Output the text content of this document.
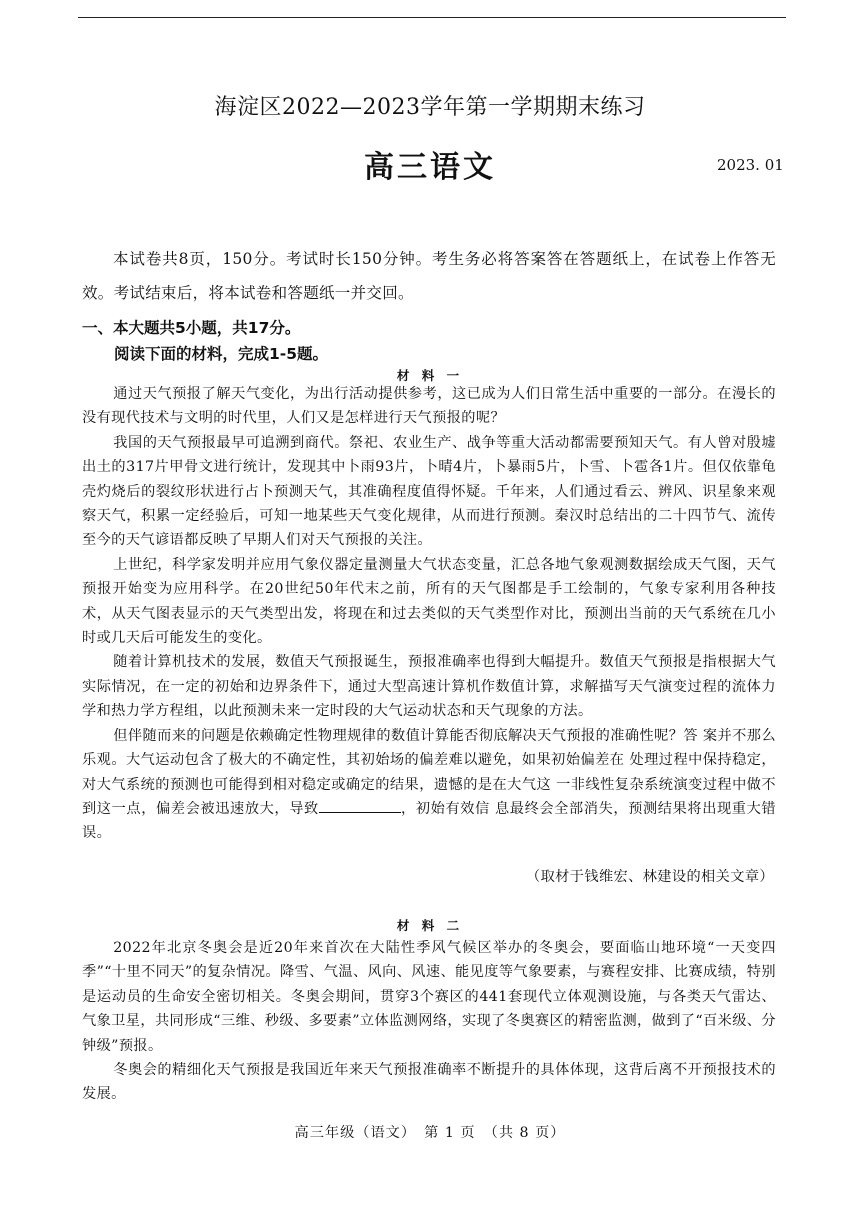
海淀区2022—2023学年第一学期期末练习
高三语文	2023. 01

本试卷共8页，150分。考试时长150分钟。考生务必将答案答在答题纸上，在试卷上作答无效。考试结束后，将本试卷和答题纸一并交回。

一、本大题共5小题，共17分。
阅读下面的材料，完成1-5题。
材 料 一

通过天气预报了解天气变化，为出行活动提供参考，这已成为人们日常生活中重要的一部分。在漫长的没有现代技术与文明的时代里，人们又是怎样进行天气预报的呢？

我国的天气预报最早可追溯到商代。祭祀、农业生产、战争等重大活动都需要预知天气。有人曾对殷墟出土的317片甲骨文进行统计，发现其中卜雨93片，卜晴4片，卜暴雨5片，卜雪、卜雹各1片。但仅依靠龟壳灼烧后的裂纹形状进行占卜预测天气，其准确程度值得怀疑。千年来，人们通过看云、辨风、识星象来观察天气，积累一定经验后，可知一地某些天气变化规律，从而进行预测。秦汉时总结出的二十四节气、流传至今的天气谚语都反映了早期人们对天气预报的关注。

上世纪，科学家发明并应用气象仪器定量测量大气状态变量，汇总各地气象观测数据绘成天气图，天气预报开始变为应用科学。在20世纪50年代末之前，所有的天气图都是手工绘制的，气象专家利用各种技术，从天气图表显示的天气类型出发，将现在和过去类似的天气类型作对比，预测出当前的天气系统在几小时或几天后可能发生的变化。

随着计算机技术的发展，数值天气预报诞生，预报准确率也得到大幅提升。数值天气预报是指根据大气实际情况，在一定的初始和边界条件下，通过大型高速计算机作数值计算，求解描写天气演变过程的流体力学和热力学方程组，以此预测未来一定时段的大气运动状态和天气现象的方法。

但伴随而来的问题是依赖确定性物理规律的数值计算能否彻底解决天气预报的准确性呢？答 案并不那么乐观。大气运动包含了极大的不确定性，其初始场的偏差难以避免，如果初始偏差在 处理过程中保持稳定，对大气系统的预测也可能得到相对稳定或确定的结果，遗憾的是在大气这 一非线性复杂系统演变过程中做不到这一点，偏差会被迅速放大，导致	，初始有效信 息最终会全部消失，预测结果将出现重大错误。

（取材于钱维宏、林建设的相关文章）
材 料 二

2022年北京冬奥会是近20年来首次在大陆性季风气候区举办的冬奥会，要面临山地环境“一天变四季”“十里不同天”的复杂情况。降雪、气温、风向、风速、能见度等气象要素，与赛程安排、比赛成绩，特别是运动员的生命安全密切相关。冬奥会期间，贯穿3个赛区的441套现代立体观测设施，与各类天气雷达、气象卫星，共同形成“三维、秒级、多要素”立体监测网络，实现了冬奥赛区的精密监测，做到了“百米级、分钟级”预报。

冬奥会的精细化天气预报是我国近年来天气预报准确率不断提升的具体体现，这背后离不开预报技术的发展。

高三年级（语文）　第 1 页　（共 8 页）
